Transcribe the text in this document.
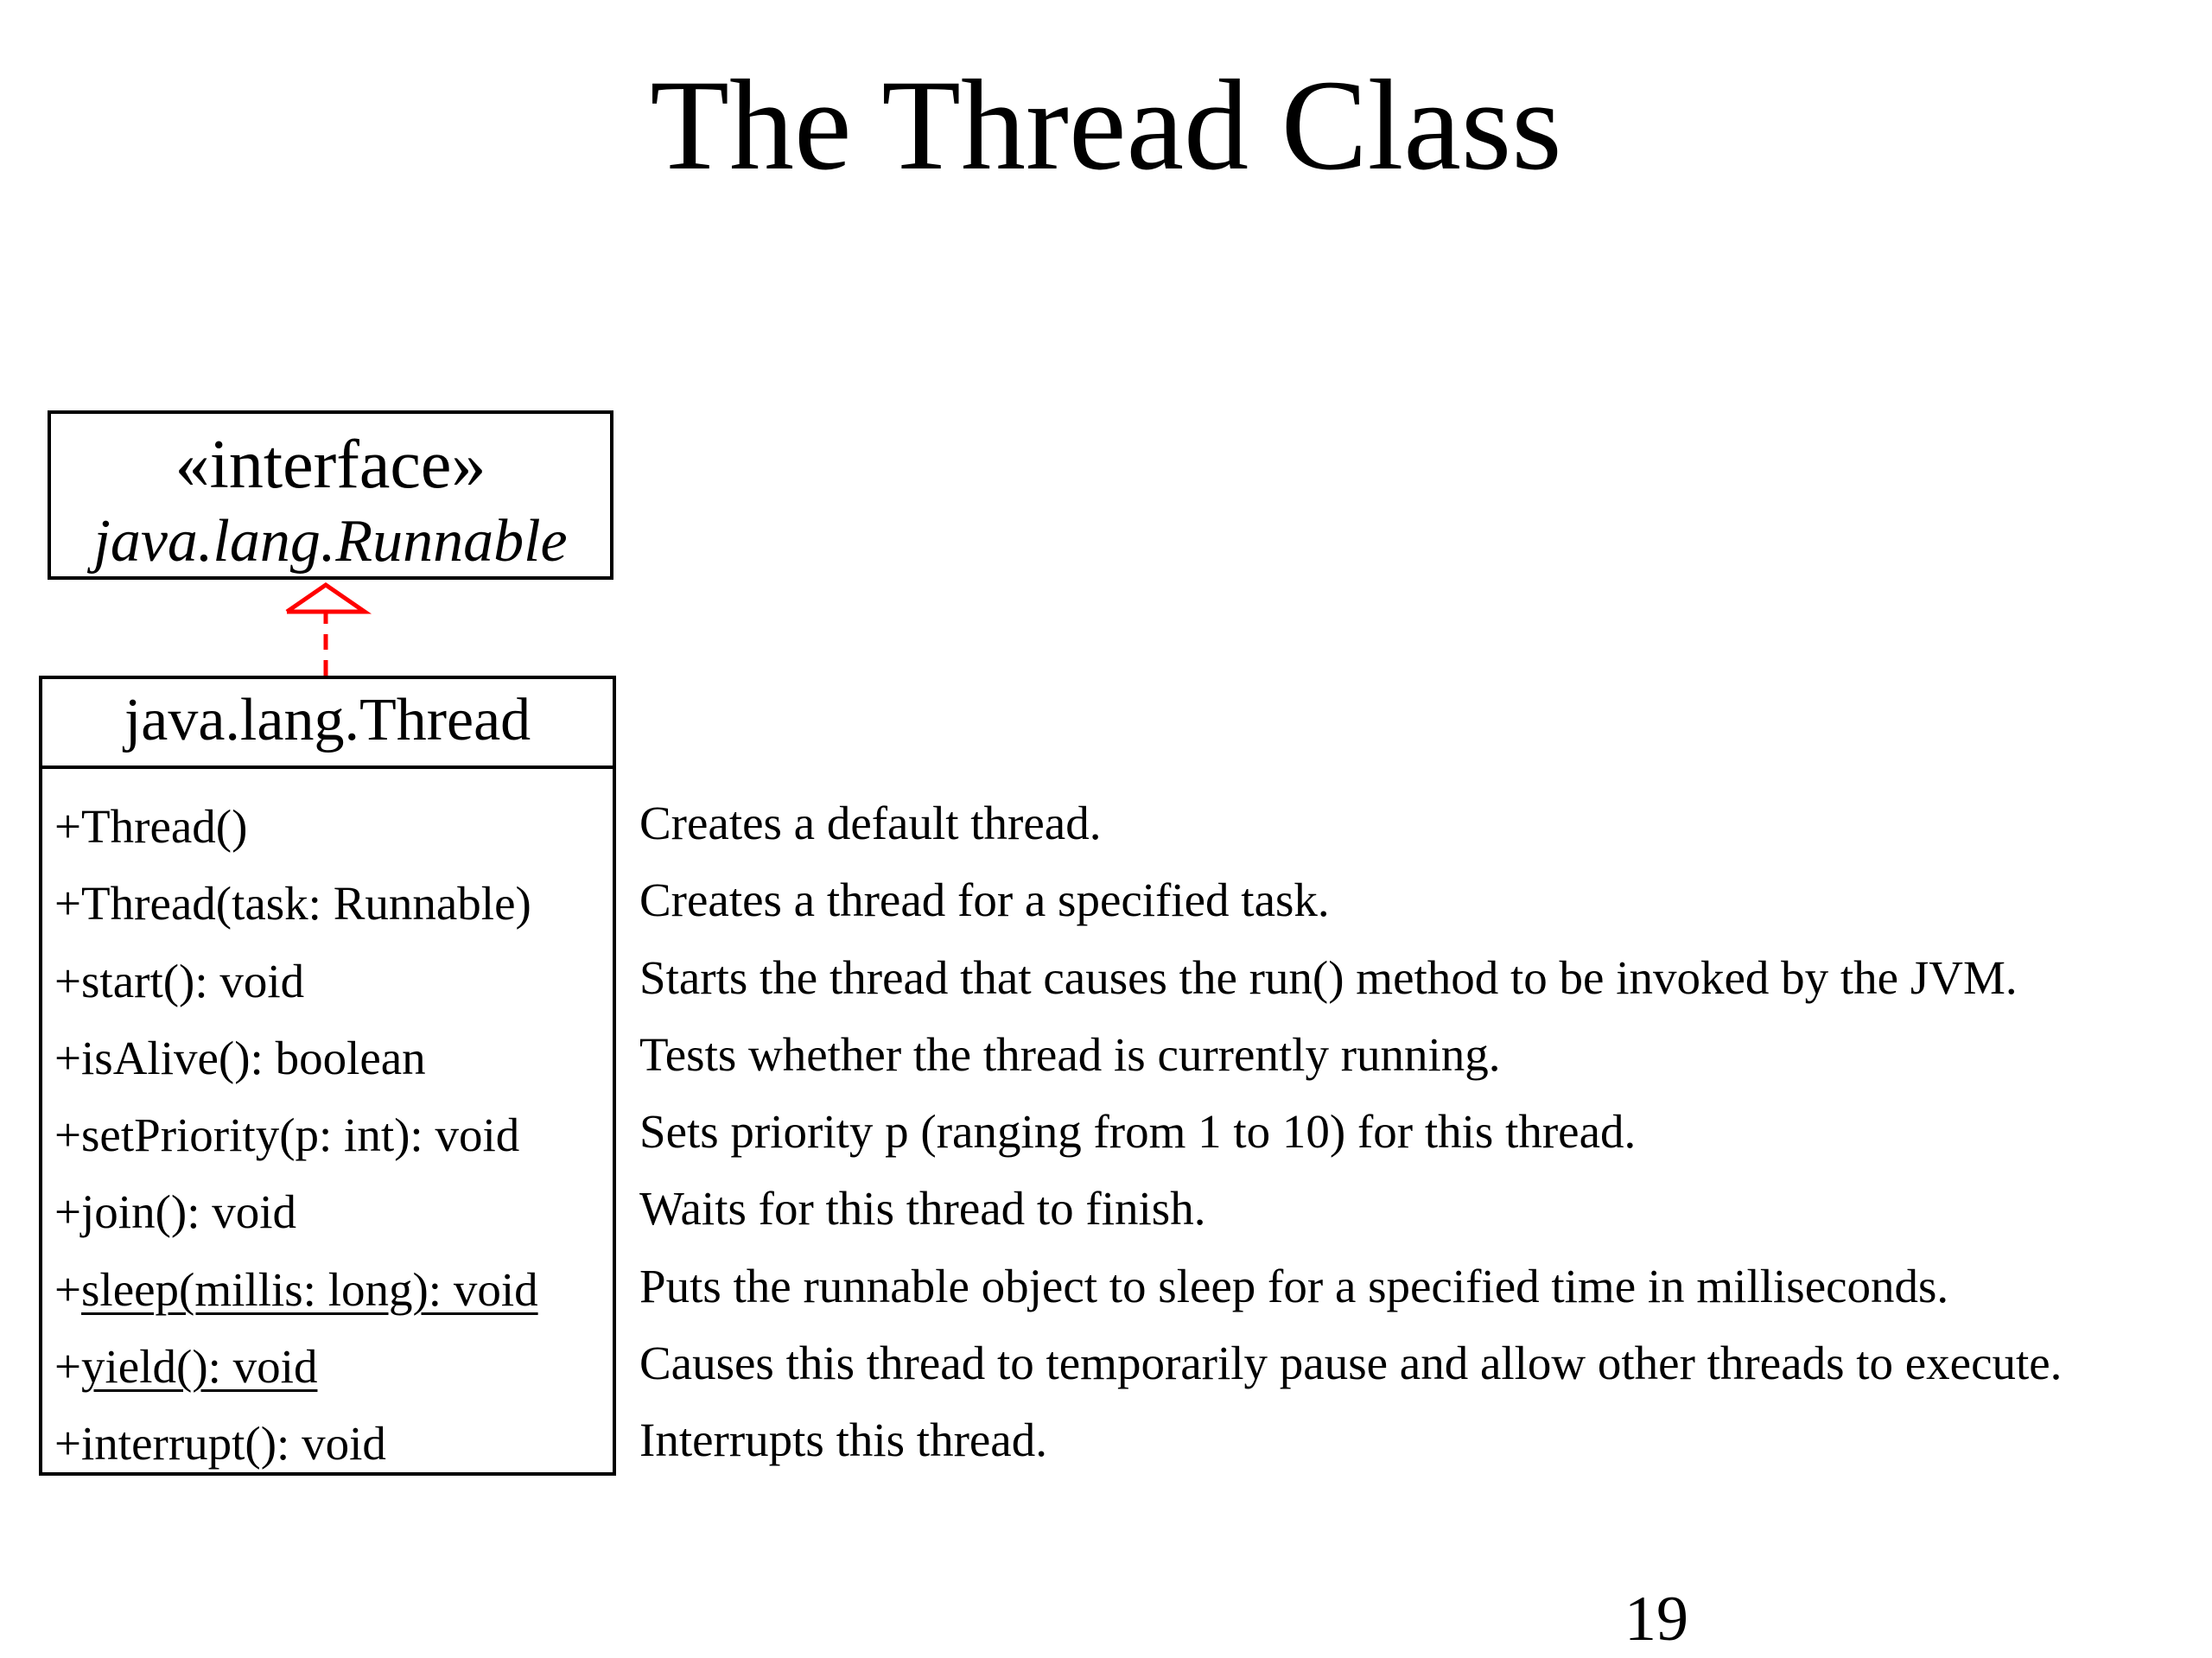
The Thread Class
«interface»
java.lang.Runnable
java.lang.Thread
+Thread()
+Thread(task: Runnable)
+start(): void
+isAlive(): boolean
+setPriority(p: int): void
+join(): void
+sleep(millis: long): void
+yield(): void
+interrupt(): void
Creates a default thread.
Creates a thread for a specified task.
Starts the thread that causes the run() method to be invoked by the JVM.
Tests whether the thread is currently running.
Sets priority p (ranging from 1 to 10) for this thread.
Waits for this thread to finish.
Puts the runnable object to sleep for a specified time in milliseconds.
Causes this thread to temporarily pause and allow other threads to execute.
Interrupts this thread.
19
